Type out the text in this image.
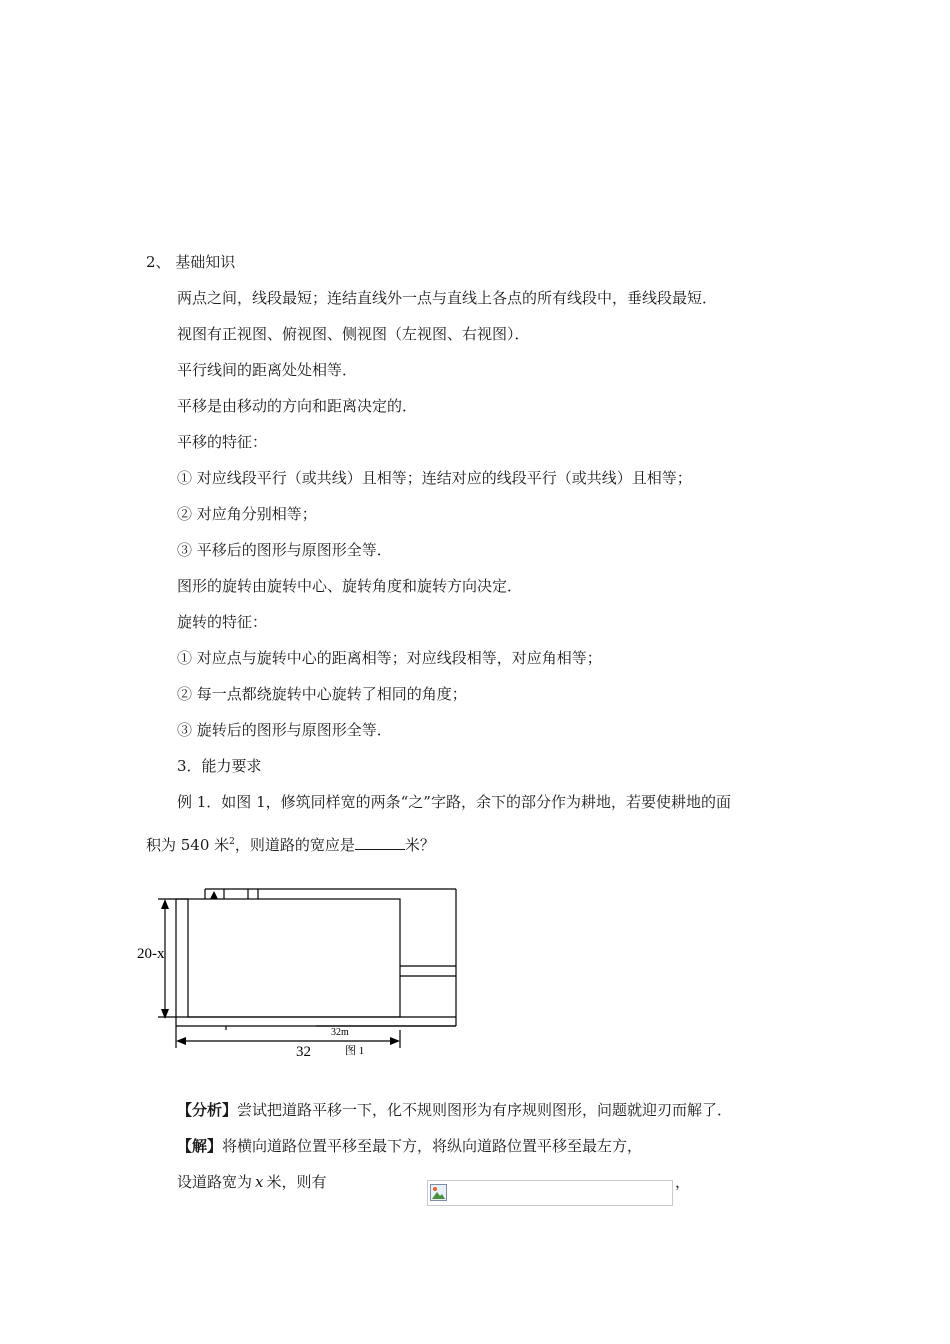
2、 基础知识
两点之间，线段最短；连结直线外一点与直线上各点的所有线段中，垂线段最短．
视图有正视图、俯视图、侧视图（左视图、右视图）．
平行线间的距离处处相等．
平移是由移动的方向和距离决定的．
平移的特征：
① 对应线段平行（或共线）且相等；连结对应的线段平行（或共线）且相等；
② 对应角分别相等；
③ 平移后的图形与原图形全等．
图形的旋转由旋转中心、旋转角度和旋转方向决定．
旋转的特征：
① 对应点与旋转中心的距离相等；对应线段相等，对应角相等；
② 每一点都绕旋转中心旋转了相同的角度；
③ 旋转后的图形与原图形全等．
3．能力要求
例 1．如图 1，修筑同样宽的两条“之”字路，余下的部分作为耕地，若要使耕地的面
积为 540 米$^2$，则道路的宽应是	米？
20-x
32
32m
图 1
【分析】尝试把道路平移一下，化不规则图形为有序规则图形，问题就迎刃而解了．
【解】将横向道路位置平移至最下方，将纵向道路位置平移至最左方，
设道路宽为 x 米，则有	，
